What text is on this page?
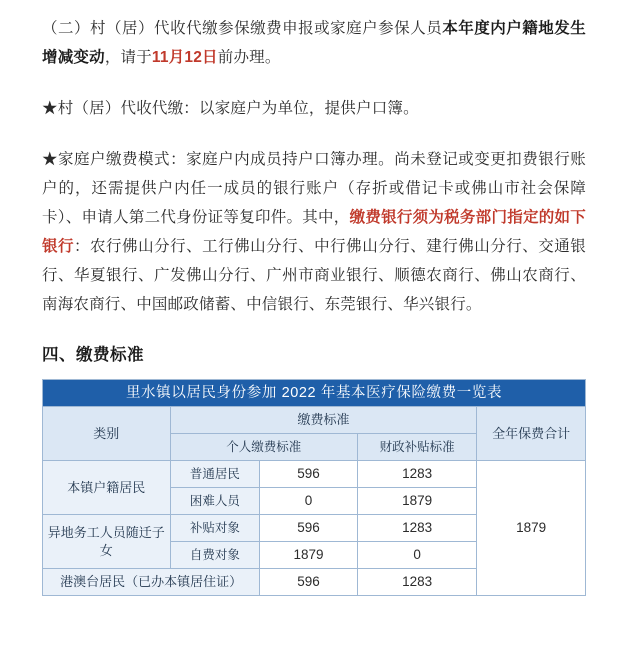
（二）村（居）代收代缴参保缴费申报或家庭户参保人员本年度内户籍地发生增减变动，请于11月12日前办理。

★村（居）代收代缴：以家庭户为单位，提供户口簿。

★家庭户缴费模式：家庭户内成员持户口簿办理。尚未登记或变更扣费银行账户的，还需提供户内任一成员的银行账户（存折或借记卡或佛山市社会保障卡）、申请人第二代身份证等复印件。其中，缴费银行须为税务部门指定的如下银行：农行佛山分行、工行佛山分行、中行佛山分行、建行佛山分行、交通银行、华夏银行、广发佛山分行、广州市商业银行、顺德农商行、佛山农商行、南海农商行、中国邮政储蓄、中信银行、东莞银行、华兴银行。

四、缴费标准
里水镇以居民身份参加 2022 年基本医疗保险缴费一览表				
类别	缴费标准			全年保费合计
	个人缴费标准		财政补贴标准	
本镇户籍居民	普通居民	596	1283	1879
	困难人员	0	1879	
异地务工人员随迁子女	补贴对象	596	1283	
	自费对象	1879	0	
港澳台居民（已办本镇居住证）		596	1283	
